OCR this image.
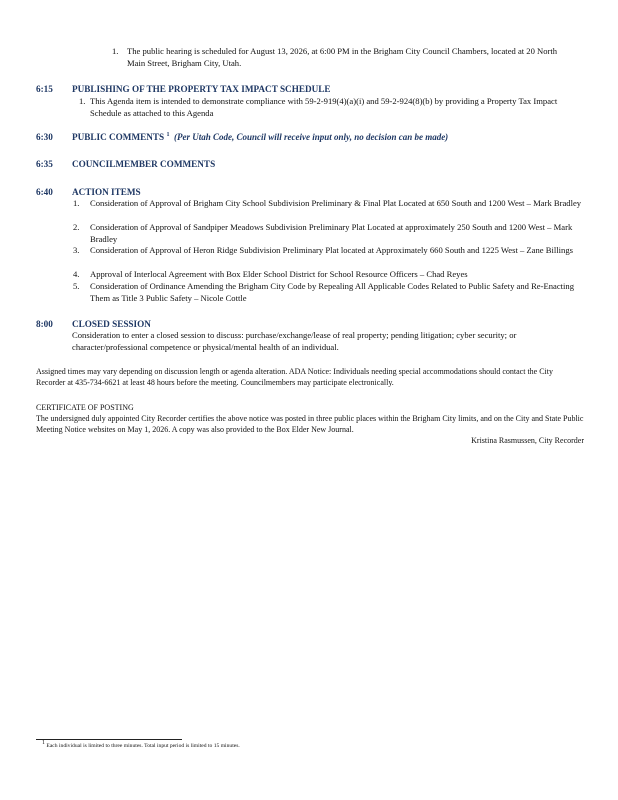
1. The public hearing is scheduled for August 13, 2026, at 6:00 PM in the Brigham City Council Chambers, located at 20 North Main Street, Brigham City, Utah.
6:15 PUBLISHING OF THE PROPERTY TAX IMPACT SCHEDULE
1. This Agenda item is intended to demonstrate compliance with 59-2-919(4)(a)(i) and 59-2-924(8)(b) by providing a Property Tax Impact Schedule as attached to this Agenda
6:30 PUBLIC COMMENTS $^1$ (Per Utah Code, Council will receive input only, no decision can be made)
6:35 COUNCILMEMBER COMMENTS
6:40 ACTION ITEMS
1. Consideration of Approval of Brigham City School Subdivision Preliminary & Final Plat Located at 650 South and 1200 West – Mark Bradley
2. Consideration of Approval of Sandpiper Meadows Subdivision Preliminary Plat Located at approximately 250 South and 1200 West – Mark Bradley
3. Consideration of Approval of Heron Ridge Subdivision Preliminary Plat located at Approximately 660 South and 1225 West – Zane Billings
4. Approval of Interlocal Agreement with Box Elder School District for School Resource Officers – Chad Reyes
5. Consideration of Ordinance Amending the Brigham City Code by Repealing All Applicable Codes Related to Public Safety and Re-Enacting Them as Title 3 Public Safety – Nicole Cottle
8:00 CLOSED SESSION
Consideration to enter a closed session to discuss: purchase/exchange/lease of real property; pending litigation; cyber security; or character/professional competence or physical/mental health of an individual.
Assigned times may vary depending on discussion length or agenda alteration. ADA Notice: Individuals needing special accommodations should contact the City Recorder at 435-734-6621 at least 48 hours before the meeting. Councilmembers may participate electronically.
CERTIFICATE OF POSTING
The undersigned duly appointed City Recorder certifies the above notice was posted in three public places within the Brigham City limits, and on the City and State Public Meeting Notice websites on May 1, 2026. A copy was also provided to the Box Elder New Journal.
Kristina Rasmussen, City Recorder
1 Each individual is limited to three minutes. Total input period is limited to 15 minutes.
